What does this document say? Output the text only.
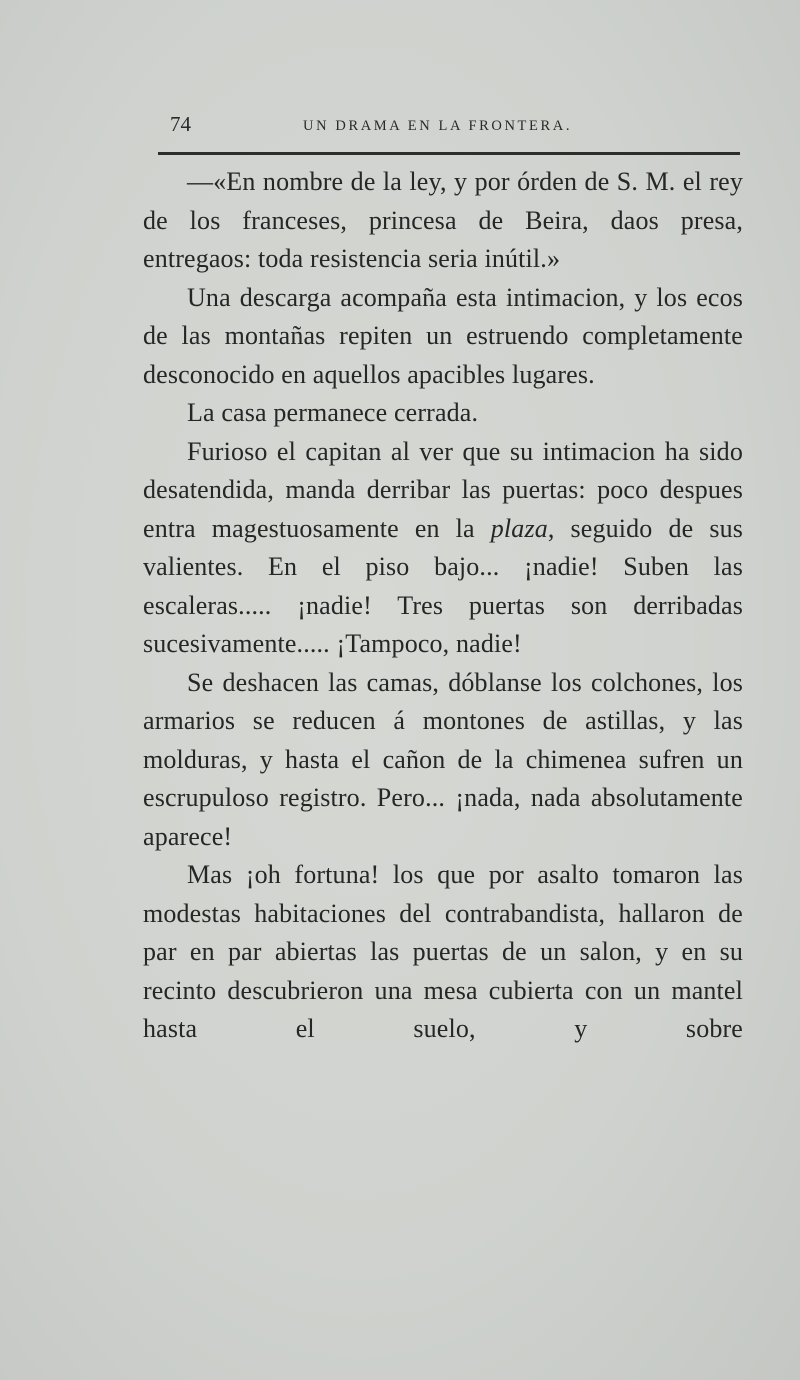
74	UN DRAMA EN LA FRONTERA.

—«En nombre de la ley, y por órden de S. M. el rey de los franceses, princesa de Beira, daos presa, entregaos: toda resistencia seria inútil.»

Una descarga acompaña esta intimacion, y los ecos de las montañas repiten un estruendo completamente desconocido en aquellos apacibles lugares.

La casa permanece cerrada.

Furioso el capitan al ver que su intimacion ha sido desatendida, manda derribar las puertas: poco despues entra magestuosamente en la plaza, seguido de sus valientes. En el piso bajo... ¡nadie! Suben las escaleras..... ¡nadie! Tres puertas son derribadas sucesivamente..... ¡Tampoco, nadie!

Se deshacen las camas, dóblanse los colchones, los armarios se reducen á montones de astillas, y las molduras, y hasta el cañon de la chimenea sufren un escrupuloso registro. Pero... ¡nada, nada absolutamente aparece!

Mas ¡oh fortuna! los que por asalto tomaron las modestas habitaciones del contrabandista, hallaron de par en par abiertas las puertas de un salon, y en su recinto descubrieron una mesa cubierta con un mantel hasta el suelo, y sobre
